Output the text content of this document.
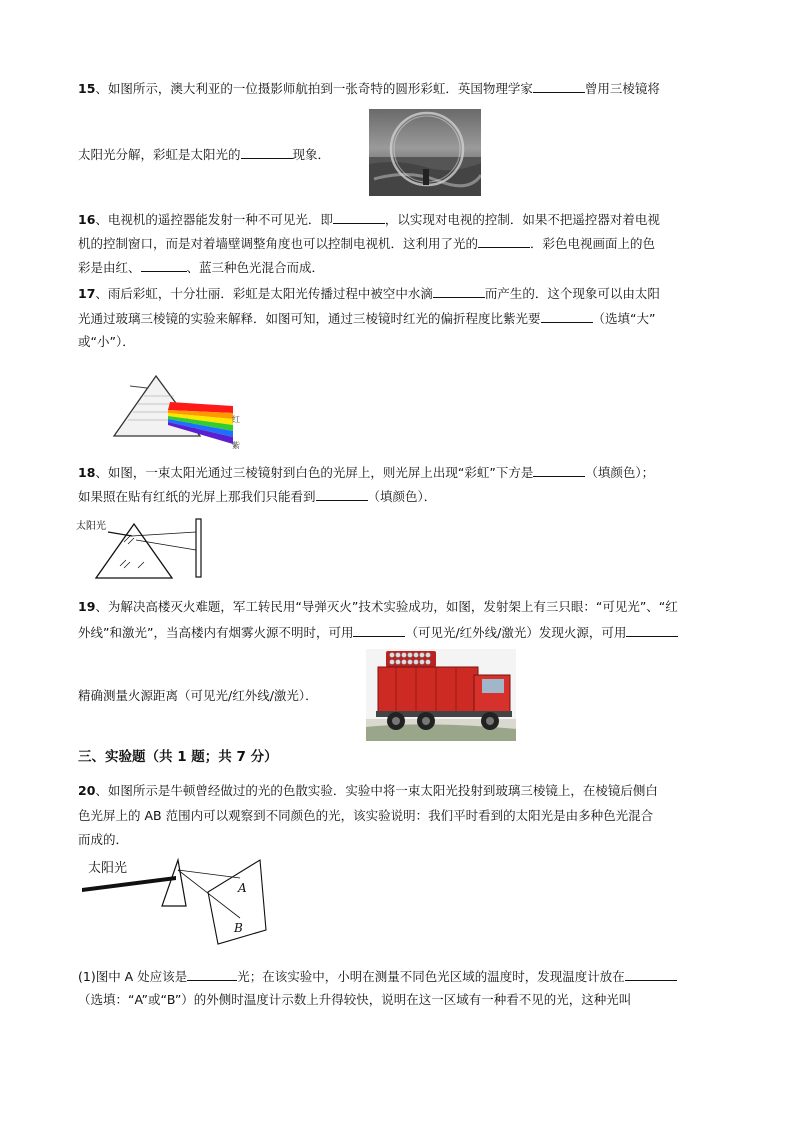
15、如图所示，澳大利亚的一位摄影师航拍到一张奇特的圆形彩虹．英国物理学家	曾用三棱镜将
太阳光分解，彩虹是太阳光的	现象．
16、电视机的遥控器能发射一种不可见光．即	，以实现对电视的控制．如果不把遥控器对着电视
机的控制窗口，而是对着墙壁调整角度也可以控制电视机．这利用了光的	．彩色电视画面上的色
彩是由红、	、蓝三种色光混合而成．
17、雨后彩虹，十分壮丽．彩虹是太阳光传播过程中被空中水滴	而产生的．这个现象可以由太阳
光通过玻璃三棱镜的实验来解释．如图可知，通过三棱镜时红光的偏折程度比紫光要	（选填“大”
或“小”）．
红
紫
18、如图，一束太阳光通过三棱镜射到白色的光屏上，则光屏上出现“彩虹”下方是	（填颜色）；
如果照在贴有红纸的光屏上那我们只能看到	（填颜色）．
太阳光
19、为解决高楼灭火难题，军工转民用“导弹灭火”技术实验成功，如图，发射架上有三只眼：“可见光”、“红
外线”和激光”，当高楼内有烟雾火源不明时，可用	（可见光/红外线/激光）发现火源，可用
精确测量火源距离（可见光/红外线/激光）．
三、实验题（共 1 题；共 7 分）
20、如图所示是牛顿曾经做过的光的色散实验．实验中将一束太阳光投射到玻璃三棱镜上，在棱镜后侧白
色光屏上的 AB 范围内可以观察到不同颜色的光，该实验说明：我们平时看到的太阳光是由多种色光混合
而成的．
太阳光
A
B
(1)图中 A 处应该是	光；在该实验中，小明在测量不同色光区域的温度时，发现温度计放在
（选填：“A”或“B”）的外侧时温度计示数上升得较快，说明在这一区域有一种看不见的光，这种光叫
